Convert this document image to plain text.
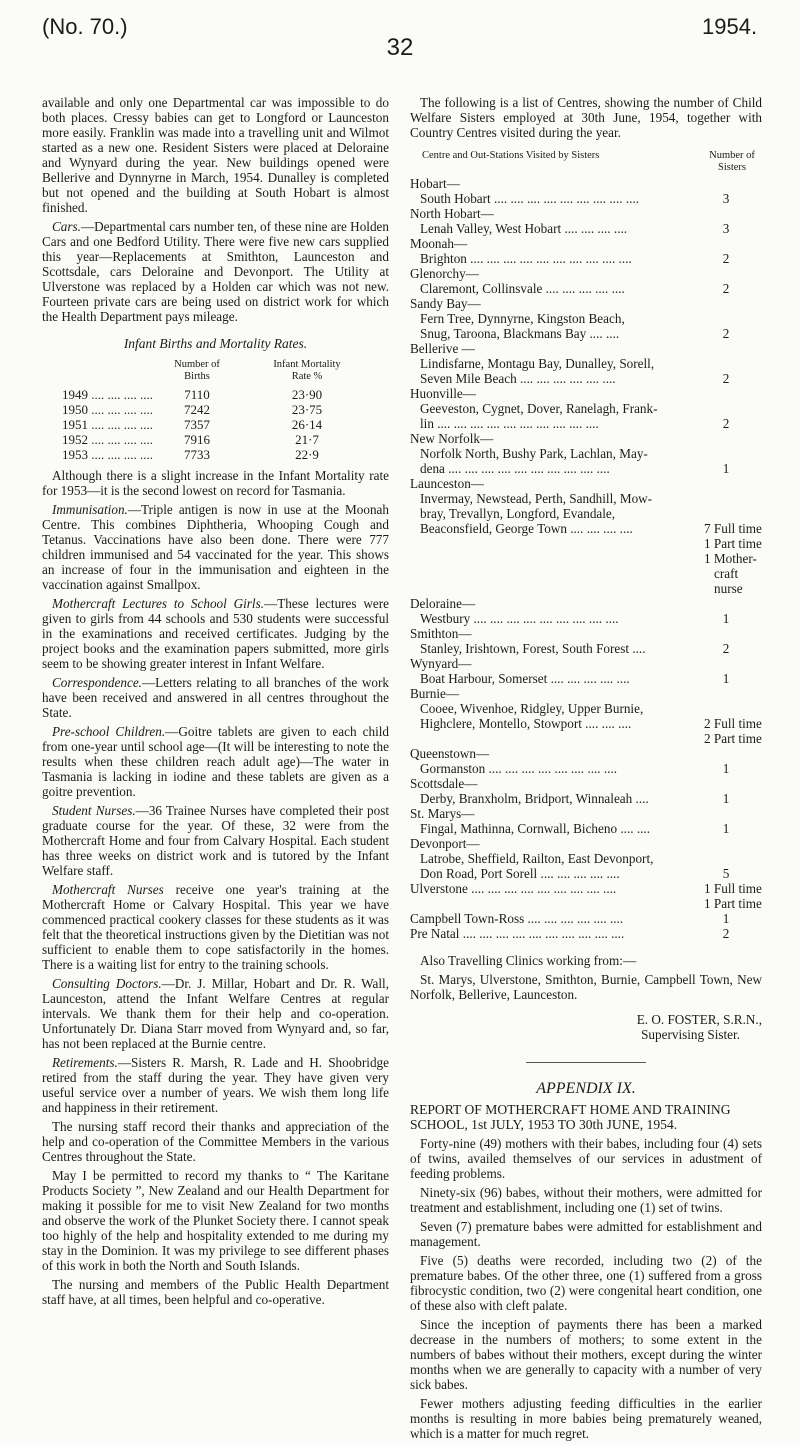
(No. 70.)
32
1954.

available and only one Departmental car was impossible to do both places. Cressy babies can get to Longford or Launceston more easily. Franklin was made into a travelling unit and Wilmot started as a new one. Resident Sisters were placed at Deloraine and Wynyard during the year. New buildings opened were Bellerive and Dynnyrne in March, 1954. Dunalley is completed but not opened and the building at South Hobart is almost finished.

Cars.—Departmental cars number ten, of these nine are Holden Cars and one Bedford Utility. There were five new cars supplied this year—Replacements at Smithton, Launceston and Scottsdale, cars Deloraine and Devonport. The Utility at Ulverstone was replaced by a Holden car which was not new. Fourteen private cars are being used on district work for which the Health Department pays mileage.

Infant Births and Mortality Rates.
	Number of
Births	Infant Mortality
Rate %
1949 .... .... .... ....	7110	23·90
1950 .... .... .... ....	7242	23·75
1951 .... .... .... ....	7357	26·14
1952 .... .... .... ....	7916	21·7
1953 .... .... .... ....	7733	22·9

Although there is a slight increase in the Infant Mortality rate for 1953—it is the second lowest on record for Tasmania.

Immunisation.—Triple antigen is now in use at the Moonah Centre. This combines Diphtheria, Whooping Cough and Tetanus. Vaccinations have also been done. There were 777 children immunised and 54 vaccinated for the year. This shows an increase of four in the immunisation and eighteen in the vaccination against Smallpox.

Mothercraft Lectures to School Girls.—These lectures were given to girls from 44 schools and 530 students were successful in the examinations and received certificates. Judging by the project books and the examination papers submitted, more girls seem to be showing greater interest in Infant Welfare.

Correspondence.—Letters relating to all branches of the work have been received and answered in all centres throughout the State.

Pre-school Children.—Goitre tablets are given to each child from one-year until school age—(It will be interesting to note the results when these children reach adult age)—The water in Tasmania is lacking in iodine and these tablets are given as a goitre prevention.

Student Nurses.—36 Trainee Nurses have completed their post graduate course for the year. Of these, 32 were from the Mothercraft Home and four from Calvary Hospital. Each student has three weeks on district work and is tutored by the Infant Welfare staff.

Mothercraft Nurses receive one year's training at the Mothercraft Home or Calvary Hospital. This year we have commenced practical cookery classes for these students as it was felt that the theoretical instructions given by the Dietitian was not sufficient to enable them to cope satisfactorily in the homes. There is a waiting list for entry to the training schools.

Consulting Doctors.—Dr. J. Millar, Hobart and Dr. R. Wall, Launceston, attend the Infant Welfare Centres at regular intervals. We thank them for their help and co-operation. Unfortunately Dr. Diana Starr moved from Wynyard and, so far, has not been replaced at the Burnie centre.

Retirements.—Sisters R. Marsh, R. Lade and H. Shoobridge retired from the staff during the year. They have given very useful service over a number of years. We wish them long life and happiness in their retirement.

The nursing staff record their thanks and appreciation of the help and co-operation of the Committee Members in the various Centres throughout the State.

May I be permitted to record my thanks to “ The Karitane Products Society ”, New Zealand and our Health Department for making it possible for me to visit New Zealand for two months and observe the work of the Plunket Society there. I cannot speak too highly of the help and hospitality extended to me during my stay in the Dominion. It was my privilege to see different phases of this work in both the North and South Islands.

The nursing and members of the Public Health Department staff have, at all times, been helpful and co-operative.

The following is a list of Centres, showing the number of Child Welfare Sisters employed at 30th June, 1954, together with Country Centres visited during the year.

Centre and Out-Stations Visited by Sisters	Number of
Sisters
Hobart—
South Hobart .... .... .... .... .... .... .... .... ....	3
North Hobart—
Lenah Valley, West Hobart .... .... .... ....	3
Moonah—
Brighton .... .... .... .... .... .... .... .... .... ....	2
Glenorchy—
Claremont, Collinsvale .... .... .... .... ....	2
Sandy Bay—
Fern Tree, Dynnyrne, Kingston Beach,
Snug, Taroona, Blackmans Bay .... ....	2
Bellerive —
Lindisfarne, Montagu Bay, Dunalley, Sorell,
Seven Mile Beach .... .... .... .... .... ....	2
Huonville—
Geeveston, Cygnet, Dover, Ranelagh, Frank-
lin .... .... .... .... .... .... .... .... .... ....	2
New Norfolk—
Norfolk North, Bushy Park, Lachlan, May-
dena .... .... .... .... .... .... .... .... .... ....	1
Launceston—
Invermay, Newstead, Perth, Sandhill, Mow-
bray, Trevallyn, Longford, Evandale,
Beaconsfield, George Town .... .... .... ....	7 Full time
1 Part time
1 Mother-
craft
nurse
Deloraine—
Westbury .... .... .... .... .... .... .... .... ....	1
Smithton—
Stanley, Irishtown, Forest, South Forest ....	2
Wynyard—
Boat Harbour, Somerset .... .... .... .... ....	1
Burnie—
Cooee, Wivenhoe, Ridgley, Upper Burnie,
Highclere, Montello, Stowport .... .... ....	2 Full time
2 Part time
Queenstown—
Gormanston .... .... .... .... .... .... .... ....	1
Scottsdale—
Derby, Branxholm, Bridport, Winnaleah ....	1
St. Marys—
Fingal, Mathinna, Cornwall, Bicheno .... ....	1
Devonport—
Latrobe, Sheffield, Railton, East Devonport,
Don Road, Port Sorell .... .... .... .... ....	5
Ulverstone .... .... .... .... .... .... .... .... ....	1 Full time
1 Part time
Campbell Town-Ross .... .... .... .... .... ....	1
Pre Natal .... .... .... .... .... .... .... .... .... ....	2

Also Travelling Clinics working from:—

St. Marys, Ulverstone, Smithton, Burnie, Campbell Town, New Norfolk, Bellerive, Launceston.

E. O. FOSTER, S.R.N.,
Supervising Sister.
APPENDIX IX.
REPORT OF MOTHERCRAFT HOME AND TRAINING SCHOOL, 1st JULY, 1953 TO 30th JUNE, 1954.

Forty-nine (49) mothers with their babes, including four (4) sets of twins, availed themselves of our services in adustment of feeding problems.

Ninety-six (96) babes, without their mothers, were admitted for treatment and establishment, including one (1) set of twins.

Seven (7) premature babes were admitted for establishment and management.

Five (5) deaths were recorded, including two (2) of the premature babes. Of the other three, one (1) suffered from a gross fibrocystic condition, two (2) were congenital heart condition, one of these also with cleft palate.

Since the inception of payments there has been a marked decrease in the numbers of mothers; to some extent in the numbers of babes without their mothers, except during the winter months when we are generally to capacity with a number of very sick babes.

Fewer mothers adjusting feeding difficulties in the earlier months is resulting in more babies being prematurely weaned, which is a matter for much regret.
